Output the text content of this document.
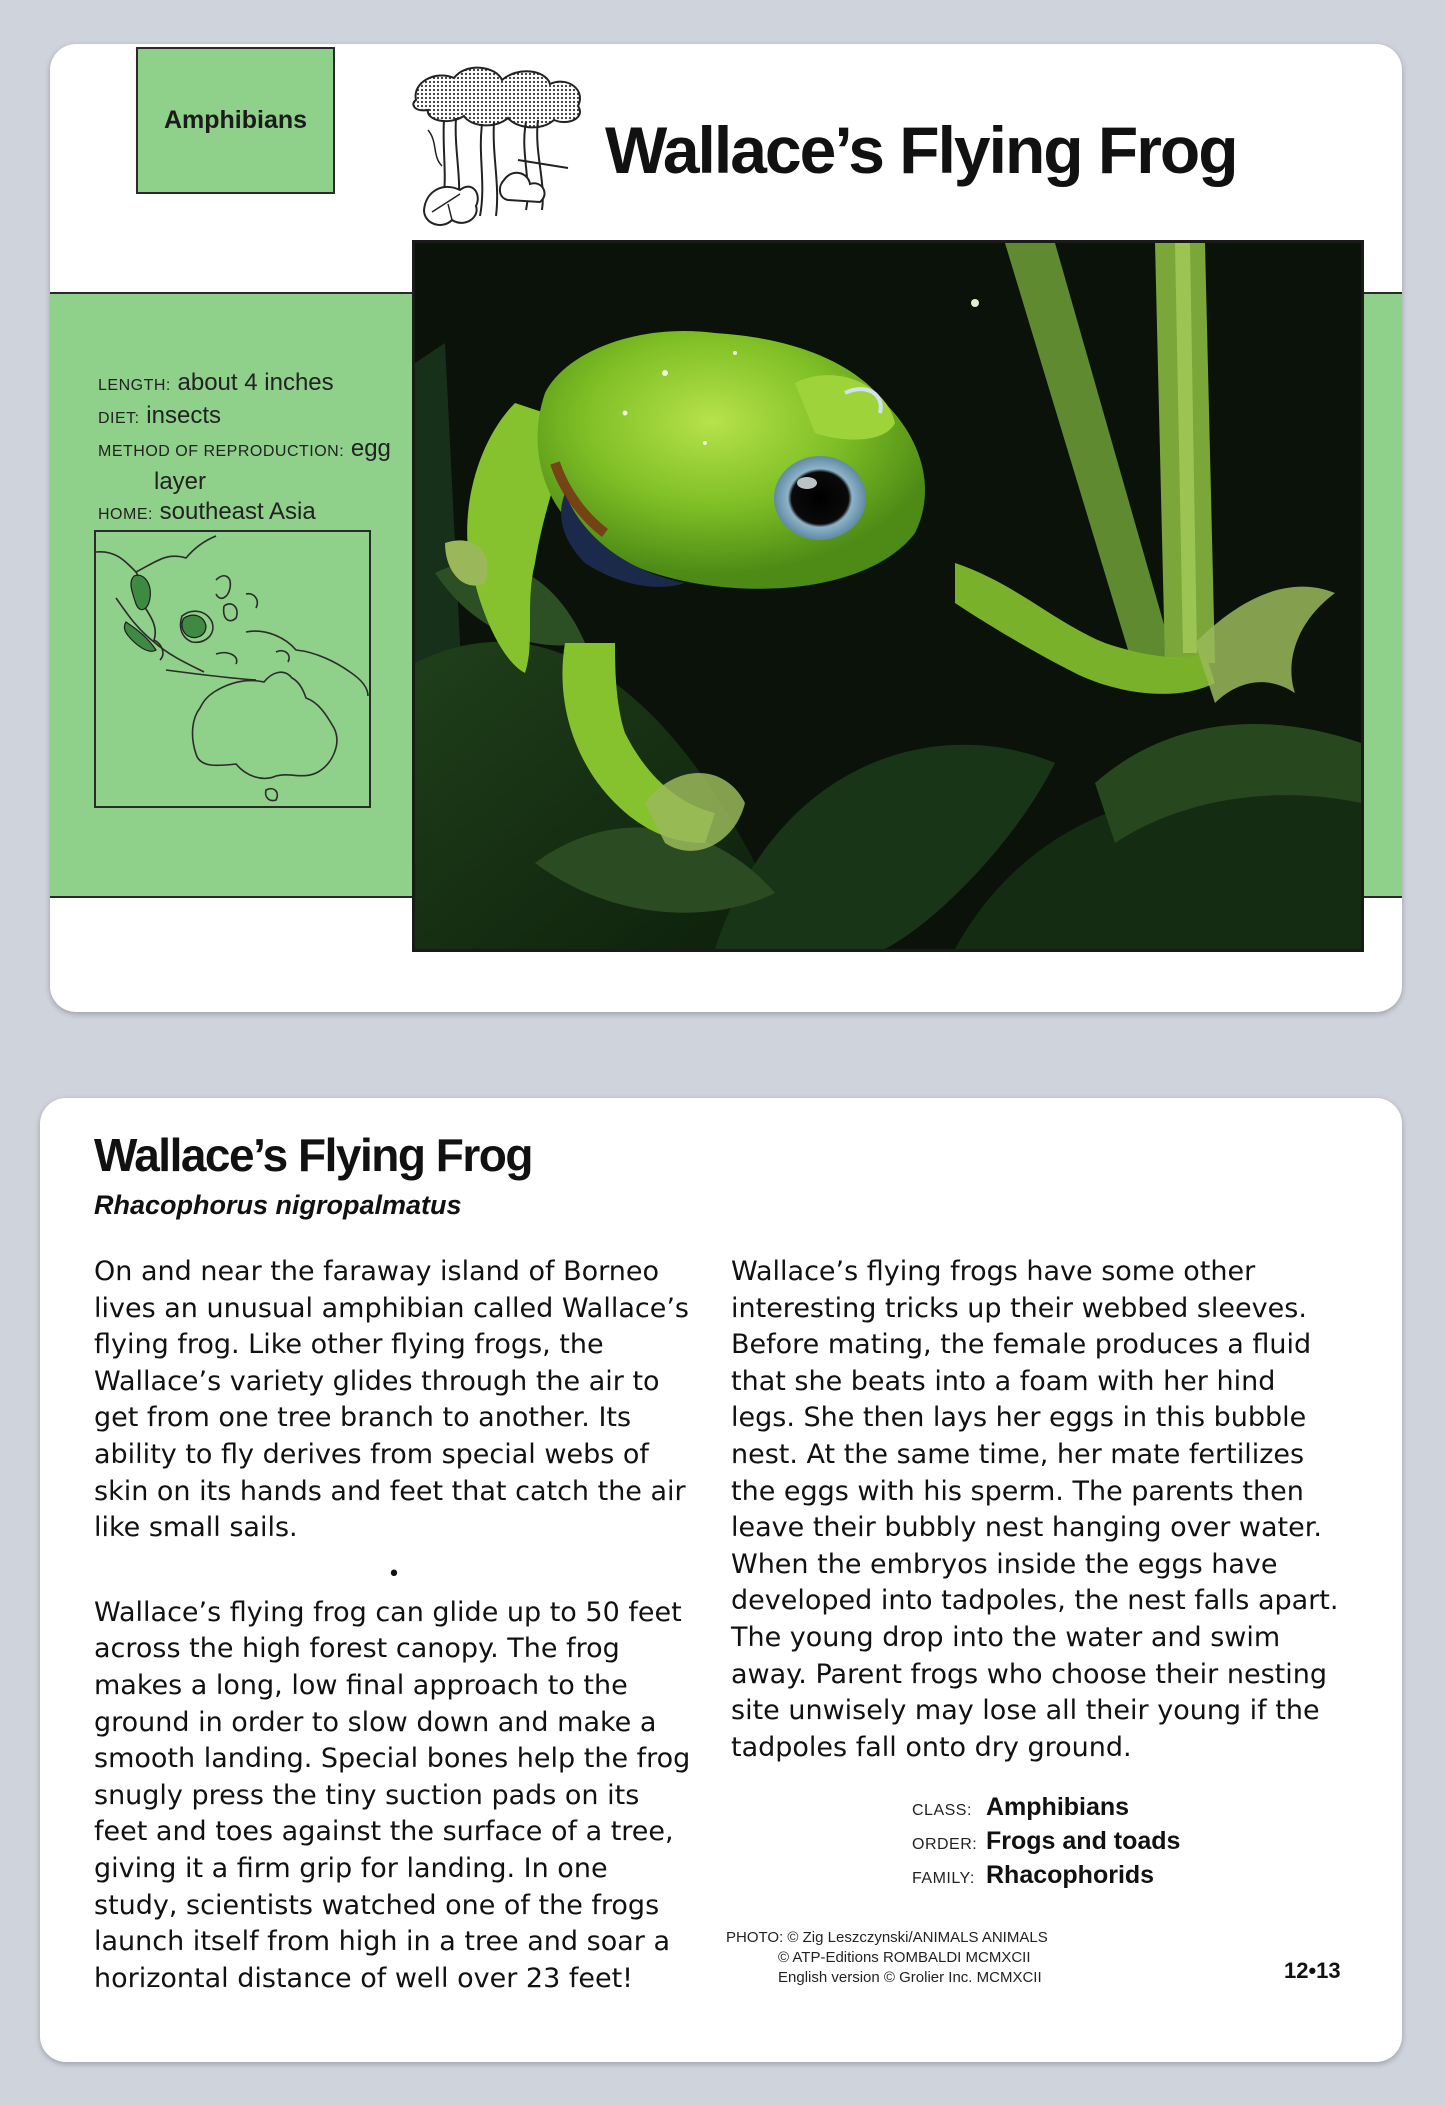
Amphibians	Wallace’s Flying Frog
LENGTH: about 4 inches
DIET: insects
METHOD OF REPRODUCTION: egg
layer
HOME: southeast Asia
Wallace’s Flying Frog
Rhacophorus nigropalmatus

On and near the faraway island of Borneo lives an unusual amphibian called Wallace’s flying frog. Like other flying frogs, the Wallace’s variety glides through the air to get from one tree branch to another. Its ability to fly derives from special webs of skin on its hands and feet that catch the air like small sails.

•

Wallace’s flying frog can glide up to 50 feet across the high forest canopy. The frog makes a long, low final approach to the ground in order to slow down and make a smooth landing. Special bones help the frog snugly press the tiny suction pads on its feet and toes against the surface of a tree, giving it a firm grip for landing. In one study, scientists watched one of the frogs launch itself from high in a tree and soar a horizontal distance of well over 23 feet!

Wallace’s flying frogs have some other interesting tricks up their webbed sleeves. Before mating, the female produces a fluid that she beats into a foam with her hind legs. She then lays her eggs in this bubble nest. At the same time, her mate fertilizes the eggs with his sperm. The parents then leave their bubbly nest hanging over water. When the embryos inside the eggs have developed into tadpoles, the nest falls apart. The young drop into the water and swim away. Parent frogs who choose their nesting site unwisely may lose all their young if the tadpoles fall onto dry ground.

CLASS: Amphibians
ORDER: Frogs and toads
FAMILY: Rhacophorids
PHOTO: © Zig Leszczynski/ANIMALS ANIMALS
© ATP-Editions ROMBALDI MCMXCII
English version © Grolier Inc. MCMXCII	12•13
